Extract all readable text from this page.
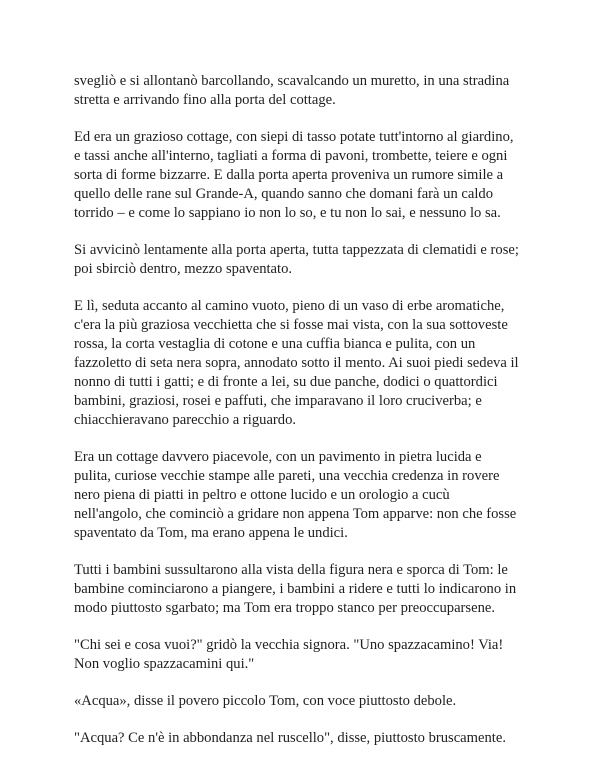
svegliò e si allontanò barcollando, scavalcando un muretto, in una stradina
stretta e arrivando fino alla porta del cottage.

Ed era un grazioso cottage, con siepi di tasso potate tutt'intorno al giardino,
e tassi anche all'interno, tagliati a forma di pavoni, trombette, teiere e ogni
sorta di forme bizzarre. E dalla porta aperta proveniva un rumore simile a
quello delle rane sul Grande-A, quando sanno che domani farà un caldo
torrido – e come lo sappiano io non lo so, e tu non lo sai, e nessuno lo sa.

Si avvicinò lentamente alla porta aperta, tutta tappezzata di clematidi e rose;
poi sbirciò dentro, mezzo spaventato.

E lì, seduta accanto al camino vuoto, pieno di un vaso di erbe aromatiche,
c'era la più graziosa vecchietta che si fosse mai vista, con la sua sottoveste
rossa, la corta vestaglia di cotone e una cuffia bianca e pulita, con un
fazzoletto di seta nera sopra, annodato sotto il mento. Ai suoi piedi sedeva il
nonno di tutti i gatti; e di fronte a lei, su due panche, dodici o quattordici
bambini, graziosi, rosei e paffuti, che imparavano il loro cruciverba; e
chiacchieravano parecchio a riguardo.

Era un cottage davvero piacevole, con un pavimento in pietra lucida e
pulita, curiose vecchie stampe alle pareti, una vecchia credenza in rovere
nero piena di piatti in peltro e ottone lucido e un orologio a cucù
nell'angolo, che cominciò a gridare non appena Tom apparve: non che fosse
spaventato da Tom, ma erano appena le undici.

Tutti i bambini sussultarono alla vista della figura nera e sporca di Tom: le
bambine cominciarono a piangere, i bambini a ridere e tutti lo indicarono in
modo piuttosto sgarbato; ma Tom era troppo stanco per preoccuparsene.

"Chi sei e cosa vuoi?" gridò la vecchia signora. "Uno spazzacamino! Via!
Non voglio spazzacamini qui."

«Acqua», disse il povero piccolo Tom, con voce piuttosto debole.

"Acqua? Ce n'è in abbondanza nel ruscello", disse, piuttosto bruscamente.
